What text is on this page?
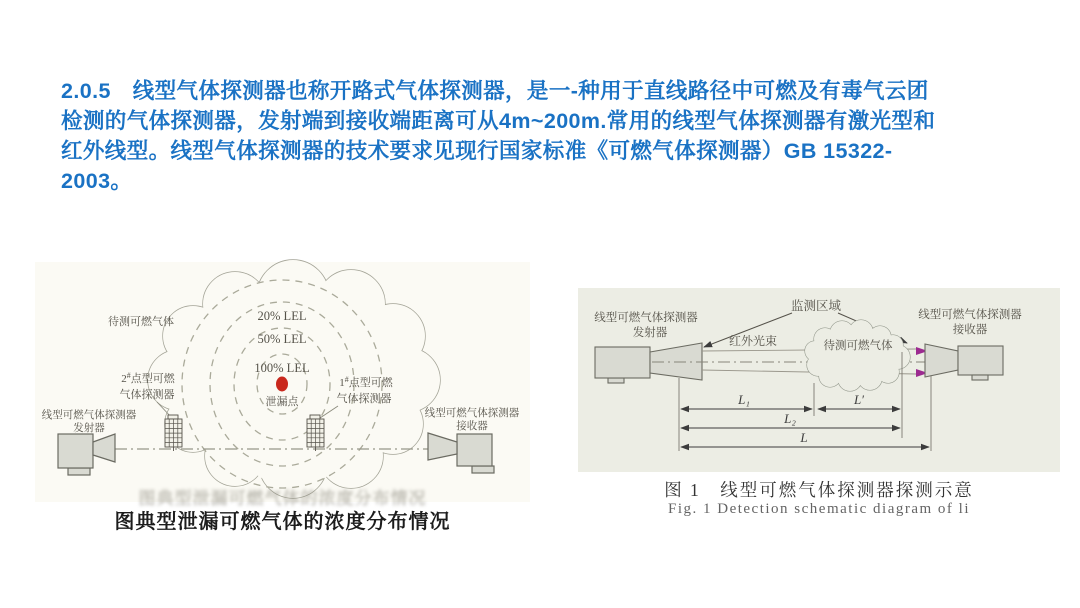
2.0.5　线型气体探测器也称开路式气体探测器，是一-种用于直线路径中可燃及有毒气云团
检测的气体探测器，发射端到接收端距离可从4m~200m.常用的线型气体探测器有激光型和
红外线型。线型气体探测器的技术要求见现行国家标准《可燃气体探测器）GB 15322-
2003。
20% LEL
50% LEL
100% LEL
泄漏点
待测可燃气体
2#点型可燃
气体探测器
1#点型可燃
气体探测器
线型可燃气体探测器
发射器
线型可燃气体探测器
接收器
图典型泄漏可燃气体的浓度分布情况
图典型泄漏可燃气体的浓度分布情况
监测区域
线型可燃气体探测器
发射器
红外光束	待测可燃气体
线型可燃气体探测器
接收器
L₁	L′
L₂
L
图 1　线型可燃气体探测器探测示意
Fig. 1 Detection schematic diagram of li
